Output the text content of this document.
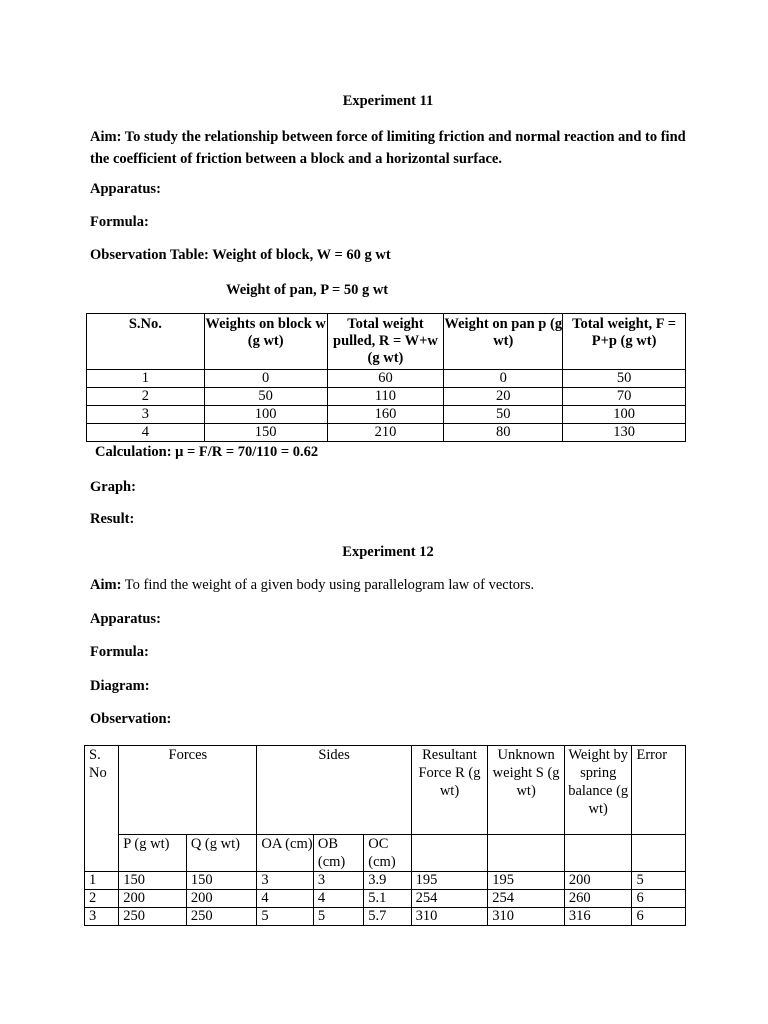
Experiment 11
Aim: To study the relationship between force of limiting friction and normal reaction and to find the coefficient of friction between a block and a horizontal surface.
Apparatus:
Formula:
Observation Table: Weight of block, W = 60 g wt
Weight of pan, P = 50 g wt
S.No.	Weights on block w (g wt)	Total weight pulled, R = W+w (g wt)	Weight on pan p (g wt)	Total weight, F = P+p (g wt)
1	0	60	0	50
2	50	110	20	70
3	100	160	50	100
4	150	210	80	130
Calculation: μ = F/R = 70/110 = 0.62
Graph:
Result:
Experiment 12
Aim: To find the weight of a given body using parallelogram law of vectors.
Apparatus:
Formula:
Diagram:
Observation:
S. No	Forces		Sides			Resultant Force R (g wt)	Unknown weight S (g wt)	Weight by spring balance (g wt)	Error
	P (g wt)	Q (g wt)	OA (cm)	OB (cm)	OC (cm)				
1	150	150	3	3	3.9	195	195	200	5
2	200	200	4	4	5.1	254	254	260	6
3	250	250	5	5	5.7	310	310	316	6
